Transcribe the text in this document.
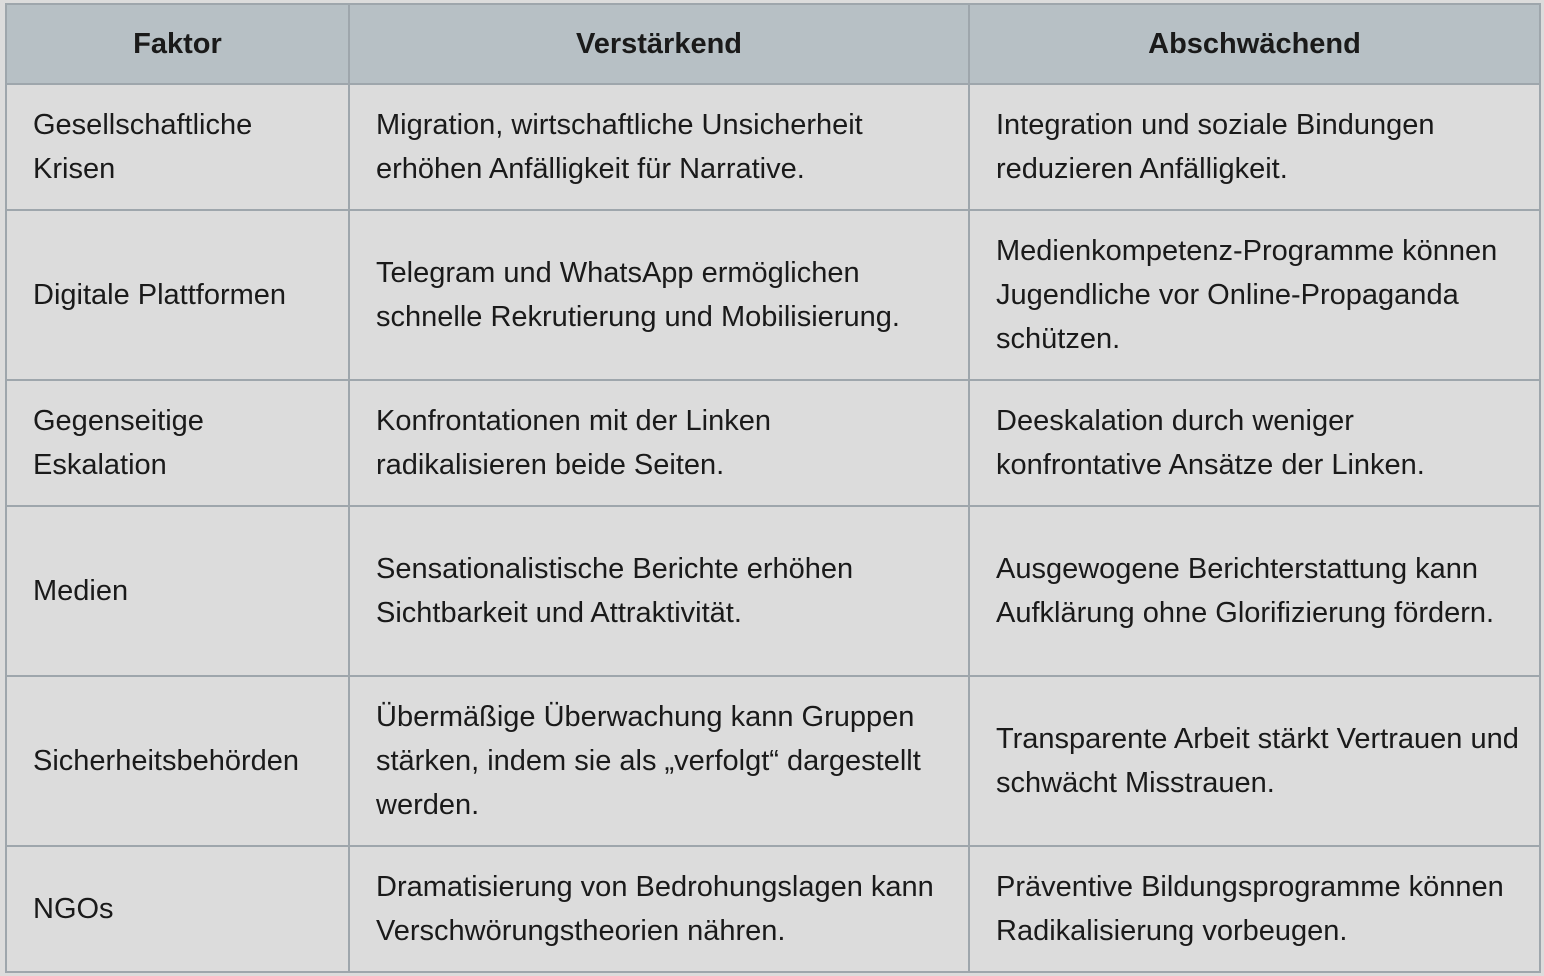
Faktor	Verstärkend	Abschwächend
Gesellschaftliche Krisen	Migration, wirtschaftliche Unsicherheit erhöhen Anfälligkeit für Narrative.	Integration und soziale Bindungen reduzieren Anfälligkeit.
Digitale Plattformen	Telegram und WhatsApp ermöglichen schnelle Rekrutierung und Mobilisierung.	Medienkompetenz-Programme können Jugendliche vor Online-Propaganda schützen.
Gegenseitige Eskalation	Konfrontationen mit der Linken radikalisieren beide Seiten.	Deeskalation durch weniger konfrontative Ansätze der Linken.
Medien	Sensationalistische Berichte erhöhen Sichtbarkeit und Attraktivität.	Ausgewogene Berichterstattung kann Aufklärung ohne Glorifizierung fördern.
Sicherheitsbehörden	Übermäßige Überwachung kann Gruppen stärken, indem sie als „verfolgt“ dargestellt werden.	Transparente Arbeit stärkt Vertrauen und schwächt Misstrauen.
NGOs	Dramatisierung von Bedrohungslagen kann Verschwörungstheorien nähren.	Präventive Bildungsprogramme können Radikalisierung vorbeugen.
